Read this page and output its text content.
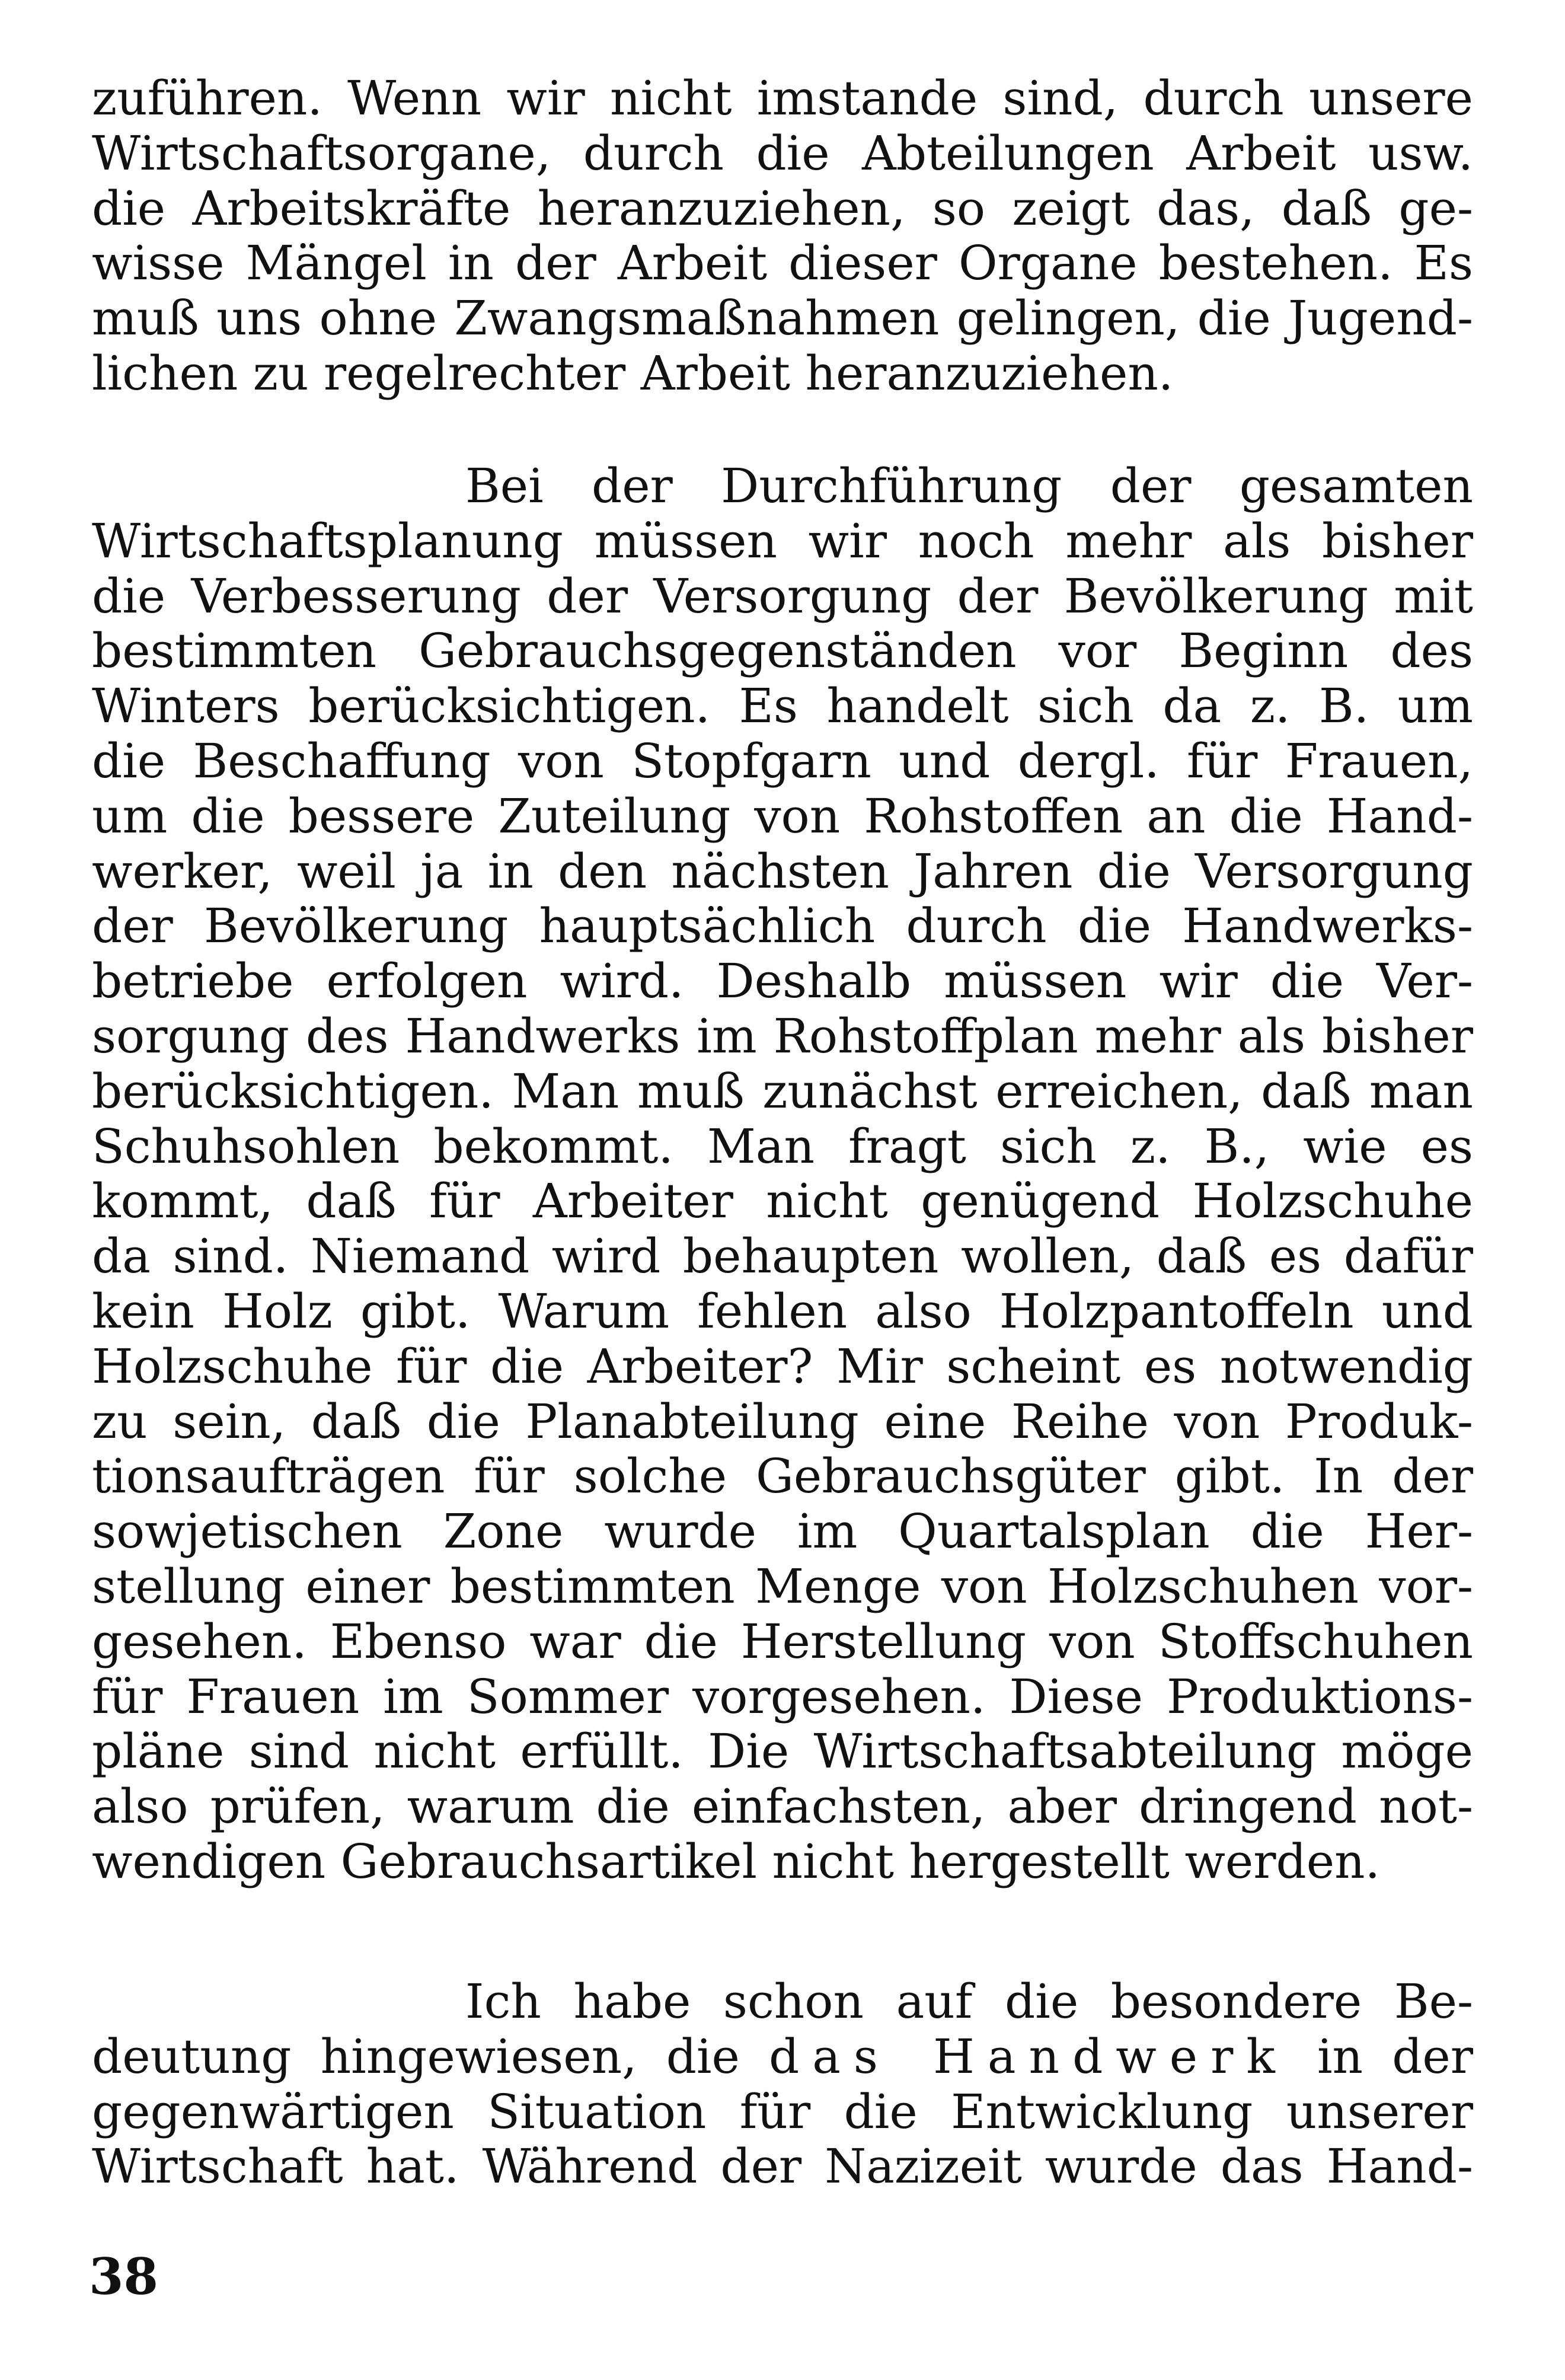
zuführen. Wenn wir nicht imstande sind, durch unsere
Wirtschaftsorgane, durch die Abteilungen Arbeit usw.
die Arbeitskräfte heranzuziehen, so zeigt das, daß ge-
wisse Mängel in der Arbeit dieser Organe bestehen. Es
muß uns ohne Zwangsmaßnahmen gelingen, die Jugend-
lichen zu regelrechter Arbeit heranzuziehen.
Bei der Durchführung der gesamten
Wirtschaftsplanung müssen wir noch mehr als bisher
die Verbesserung der Versorgung der Bevölkerung mit
bestimmten Gebrauchsgegenständen vor Beginn des
Winters berücksichtigen. Es handelt sich da z. B. um
die Beschaffung von Stopfgarn und dergl. für Frauen,
um die bessere Zuteilung von Rohstoffen an die Hand-
werker, weil ja in den nächsten Jahren die Versorgung
der Bevölkerung hauptsächlich durch die Handwerks-
betriebe erfolgen wird. Deshalb müssen wir die Ver-
sorgung des Handwerks im Rohstoffplan mehr als bisher
berücksichtigen. Man muß zunächst erreichen, daß man
Schuhsohlen bekommt. Man fragt sich z. B., wie es
kommt, daß für Arbeiter nicht genügend Holzschuhe
da sind. Niemand wird behaupten wollen, daß es dafür
kein Holz gibt. Warum fehlen also Holzpantoffeln und
Holzschuhe für die Arbeiter? Mir scheint es notwendig
zu sein, daß die Planabteilung eine Reihe von Produk-
tionsaufträgen für solche Gebrauchsgüter gibt. In der
sowjetischen Zone wurde im Quartalsplan die Her-
stellung einer bestimmten Menge von Holzschuhen vor-
gesehen. Ebenso war die Herstellung von Stoffschuhen
für Frauen im Sommer vorgesehen. Diese Produktions-
pläne sind nicht erfüllt. Die Wirtschaftsabteilung möge
also prüfen, warum die einfachsten, aber dringend not-
wendigen Gebrauchsartikel nicht hergestellt werden.
Ich habe schon auf die besondere Be-
deutung hingewiesen, die das Handwerk in der
gegenwärtigen Situation für die Entwicklung unserer
Wirtschaft hat. Während der Nazizeit wurde das Hand-
38
